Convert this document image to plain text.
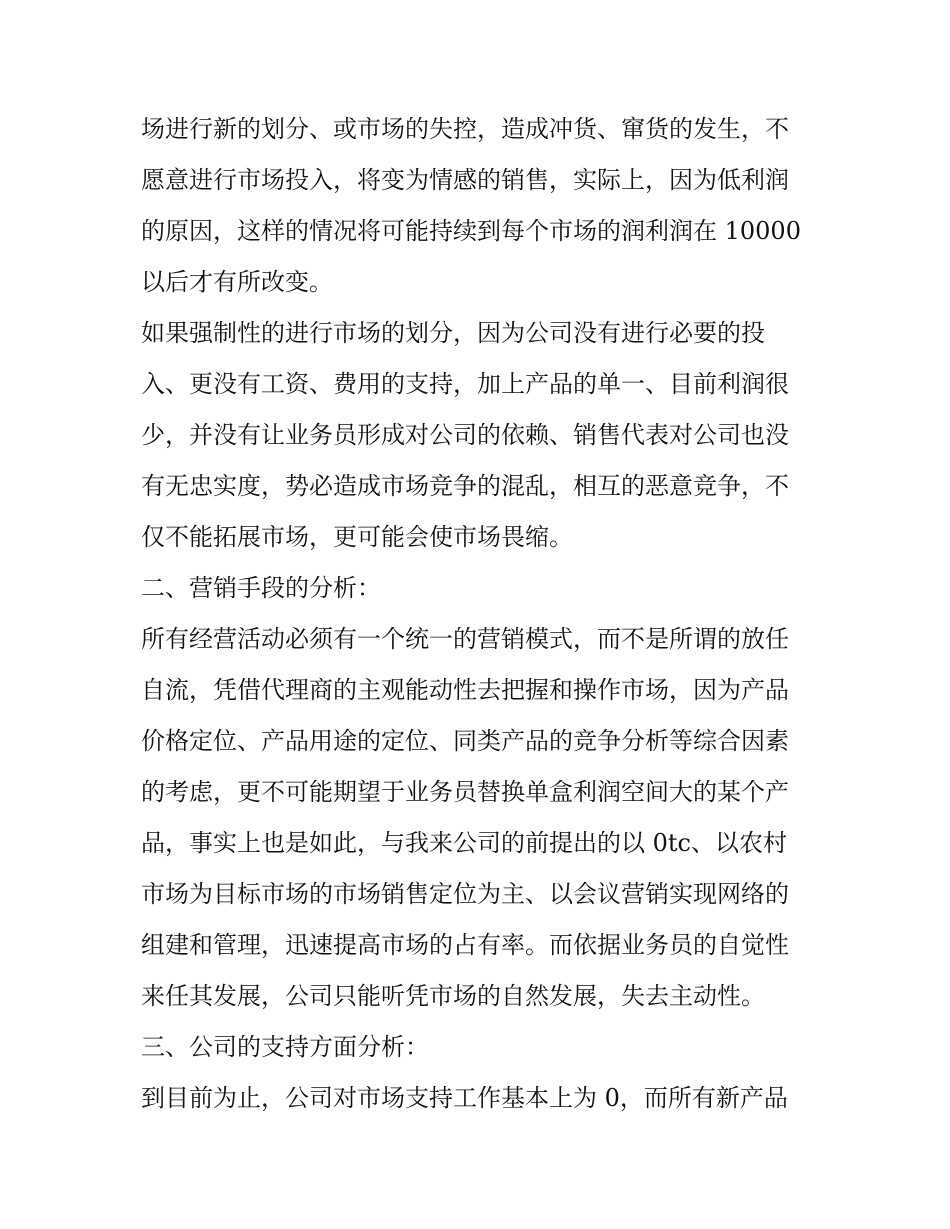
场进行新的划分、或市场的失控，造成冲货、窜货的发生，不
愿意进行市场投入，将变为情感的销售，实际上，因为低利润
的原因，这样的情况将可能持续到每个市场的润利润在 10000
以后才有所改变。
如果强制性的进行市场的划分，因为公司没有进行必要的投
入、更没有工资、费用的支持，加上产品的单一、目前利润很
少，并没有让业务员形成对公司的依赖、销售代表对公司也没
有无忠实度，势必造成市场竞争的混乱，相互的恶意竞争，不
仅不能拓展市场，更可能会使市场畏缩。
二、营销手段的分析：
所有经营活动必须有一个统一的营销模式，而不是所谓的放任
自流，凭借代理商的主观能动性去把握和操作市场，因为产品
价格定位、产品用途的定位、同类产品的竞争分析等综合因素
的考虑，更不可能期望于业务员替换单盒利润空间大的某个产
品，事实上也是如此，与我来公司的前提出的以 0tc、以农村
市场为目标市场的市场销售定位为主、以会议营销实现网络的
组建和管理，迅速提高市场的占有率。而依据业务员的自觉性
来任其发展，公司只能听凭市场的自然发展，失去主动性。
三、公司的支持方面分析：
到目前为止，公司对市场支持工作基本上为 0，而所有新产品
